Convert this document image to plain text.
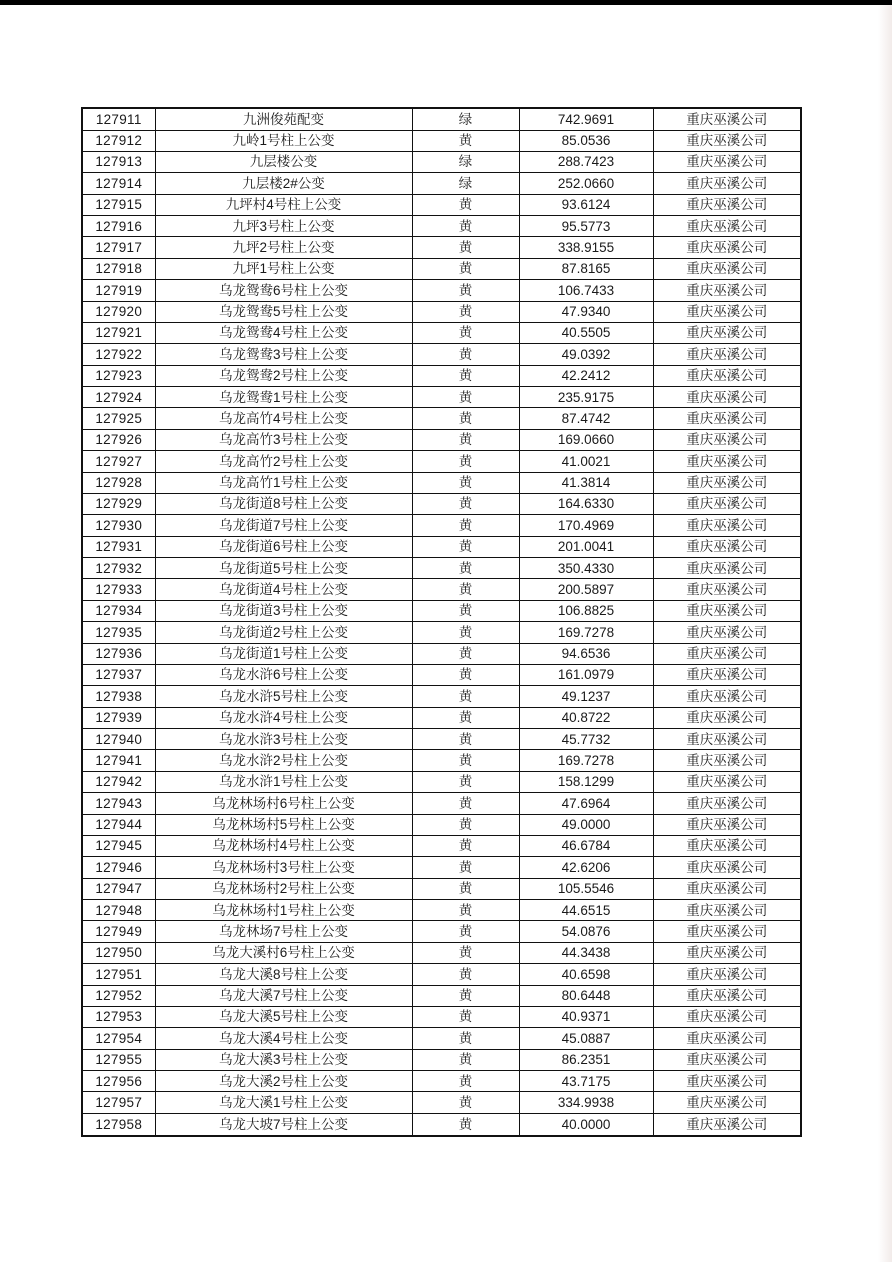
127911	九洲俊苑配变	绿	742.9691	重庆巫溪公司
127912	九岭1号柱上公变	黄	85.0536	重庆巫溪公司
127913	九层楼公变	绿	288.7423	重庆巫溪公司
127914	九层楼2#公变	绿	252.0660	重庆巫溪公司
127915	九坪村4号柱上公变	黄	93.6124	重庆巫溪公司
127916	九坪3号柱上公变	黄	95.5773	重庆巫溪公司
127917	九坪2号柱上公变	黄	338.9155	重庆巫溪公司
127918	九坪1号柱上公变	黄	87.8165	重庆巫溪公司
127919	乌龙鸳鸯6号柱上公变	黄	106.7433	重庆巫溪公司
127920	乌龙鸳鸯5号柱上公变	黄	47.9340	重庆巫溪公司
127921	乌龙鸳鸯4号柱上公变	黄	40.5505	重庆巫溪公司
127922	乌龙鸳鸯3号柱上公变	黄	49.0392	重庆巫溪公司
127923	乌龙鸳鸯2号柱上公变	黄	42.2412	重庆巫溪公司
127924	乌龙鸳鸯1号柱上公变	黄	235.9175	重庆巫溪公司
127925	乌龙高竹4号柱上公变	黄	87.4742	重庆巫溪公司
127926	乌龙高竹3号柱上公变	黄	169.0660	重庆巫溪公司
127927	乌龙高竹2号柱上公变	黄	41.0021	重庆巫溪公司
127928	乌龙高竹1号柱上公变	黄	41.3814	重庆巫溪公司
127929	乌龙街道8号柱上公变	黄	164.6330	重庆巫溪公司
127930	乌龙街道7号柱上公变	黄	170.4969	重庆巫溪公司
127931	乌龙街道6号柱上公变	黄	201.0041	重庆巫溪公司
127932	乌龙街道5号柱上公变	黄	350.4330	重庆巫溪公司
127933	乌龙街道4号柱上公变	黄	200.5897	重庆巫溪公司
127934	乌龙街道3号柱上公变	黄	106.8825	重庆巫溪公司
127935	乌龙街道2号柱上公变	黄	169.7278	重庆巫溪公司
127936	乌龙街道1号柱上公变	黄	94.6536	重庆巫溪公司
127937	乌龙水浒6号柱上公变	黄	161.0979	重庆巫溪公司
127938	乌龙水浒5号柱上公变	黄	49.1237	重庆巫溪公司
127939	乌龙水浒4号柱上公变	黄	40.8722	重庆巫溪公司
127940	乌龙水浒3号柱上公变	黄	45.7732	重庆巫溪公司
127941	乌龙水浒2号柱上公变	黄	169.7278	重庆巫溪公司
127942	乌龙水浒1号柱上公变	黄	158.1299	重庆巫溪公司
127943	乌龙林场村6号柱上公变	黄	47.6964	重庆巫溪公司
127944	乌龙林场村5号柱上公变	黄	49.0000	重庆巫溪公司
127945	乌龙林场村4号柱上公变	黄	46.6784	重庆巫溪公司
127946	乌龙林场村3号柱上公变	黄	42.6206	重庆巫溪公司
127947	乌龙林场村2号柱上公变	黄	105.5546	重庆巫溪公司
127948	乌龙林场村1号柱上公变	黄	44.6515	重庆巫溪公司
127949	乌龙林场7号柱上公变	黄	54.0876	重庆巫溪公司
127950	乌龙大溪村6号柱上公变	黄	44.3438	重庆巫溪公司
127951	乌龙大溪8号柱上公变	黄	40.6598	重庆巫溪公司
127952	乌龙大溪7号柱上公变	黄	80.6448	重庆巫溪公司
127953	乌龙大溪5号柱上公变	黄	40.9371	重庆巫溪公司
127954	乌龙大溪4号柱上公变	黄	45.0887	重庆巫溪公司
127955	乌龙大溪3号柱上公变	黄	86.2351	重庆巫溪公司
127956	乌龙大溪2号柱上公变	黄	43.7175	重庆巫溪公司
127957	乌龙大溪1号柱上公变	黄	334.9938	重庆巫溪公司
127958	乌龙大坡7号柱上公变	黄	40.0000	重庆巫溪公司
